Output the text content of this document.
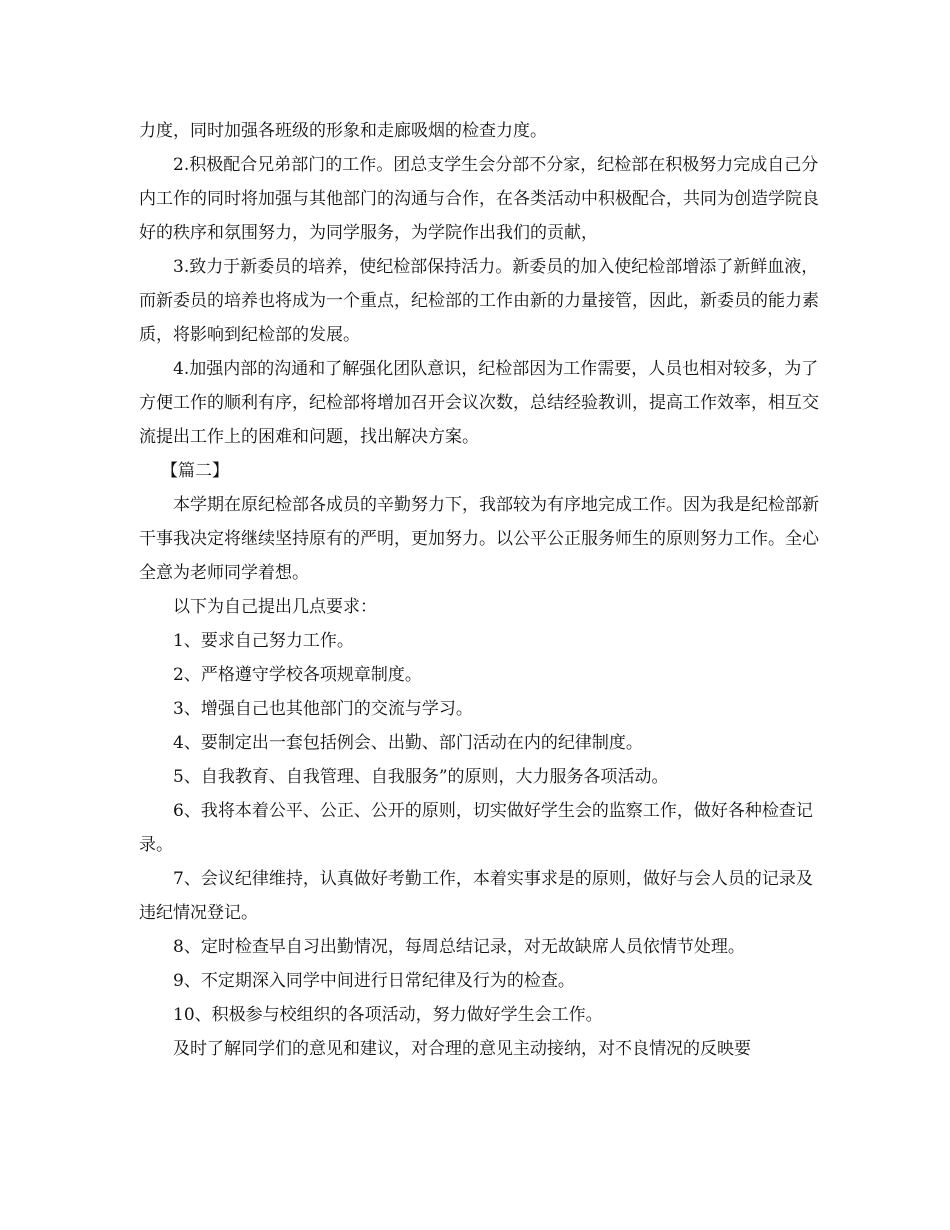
力度，同时加强各班级的形象和走廊吸烟的检查力度。

2.积极配合兄弟部门的工作。团总支学生会分部不分家，纪检部在积极努力完成自己分内工作的同时将加强与其他部门的沟通与合作，在各类活动中积极配合，共同为创造学院良好的秩序和氛围努力，为同学服务，为学院作出我们的贡献，

3.致力于新委员的培养，使纪检部保持活力。新委员的加入使纪检部增添了新鲜血液，而新委员的培养也将成为一个重点，纪检部的工作由新的力量接管，因此，新委员的能力素质，将影响到纪检部的发展。

4.加强内部的沟通和了解强化团队意识，纪检部因为工作需要，人员也相对较多，为了方便工作的顺利有序，纪检部将增加召开会议次数，总结经验教训，提高工作效率，相互交流提出工作上的困难和问题，找出解决方案。

【篇二】

本学期在原纪检部各成员的辛勤努力下，我部较为有序地完成工作。因为我是纪检部新干事我决定将继续坚持原有的严明，更加努力。以公平公正服务师生的原则努力工作。全心全意为老师同学着想。

以下为自己提出几点要求：

1、要求自己努力工作。

2、严格遵守学校各项规章制度。

3、增强自己也其他部门的交流与学习。

4、要制定出一套包括例会、出勤、部门活动在内的纪律制度。

5、自我教育、自我管理、自我服务”的原则，大力服务各项活动。

6、我将本着公平、公正、公开的原则，切实做好学生会的监察工作，做好各种检查记录。

7、会议纪律维持，认真做好考勤工作，本着实事求是的原则，做好与会人员的记录及违纪情况登记。

8、定时检查早自习出勤情况，每周总结记录，对无故缺席人员依情节处理。

9、不定期深入同学中间进行日常纪律及行为的检查。

10、积极参与校组织的各项活动，努力做好学生会工作。

及时了解同学们的意见和建议，对合理的意见主动接纳，对不良情况的反映要
